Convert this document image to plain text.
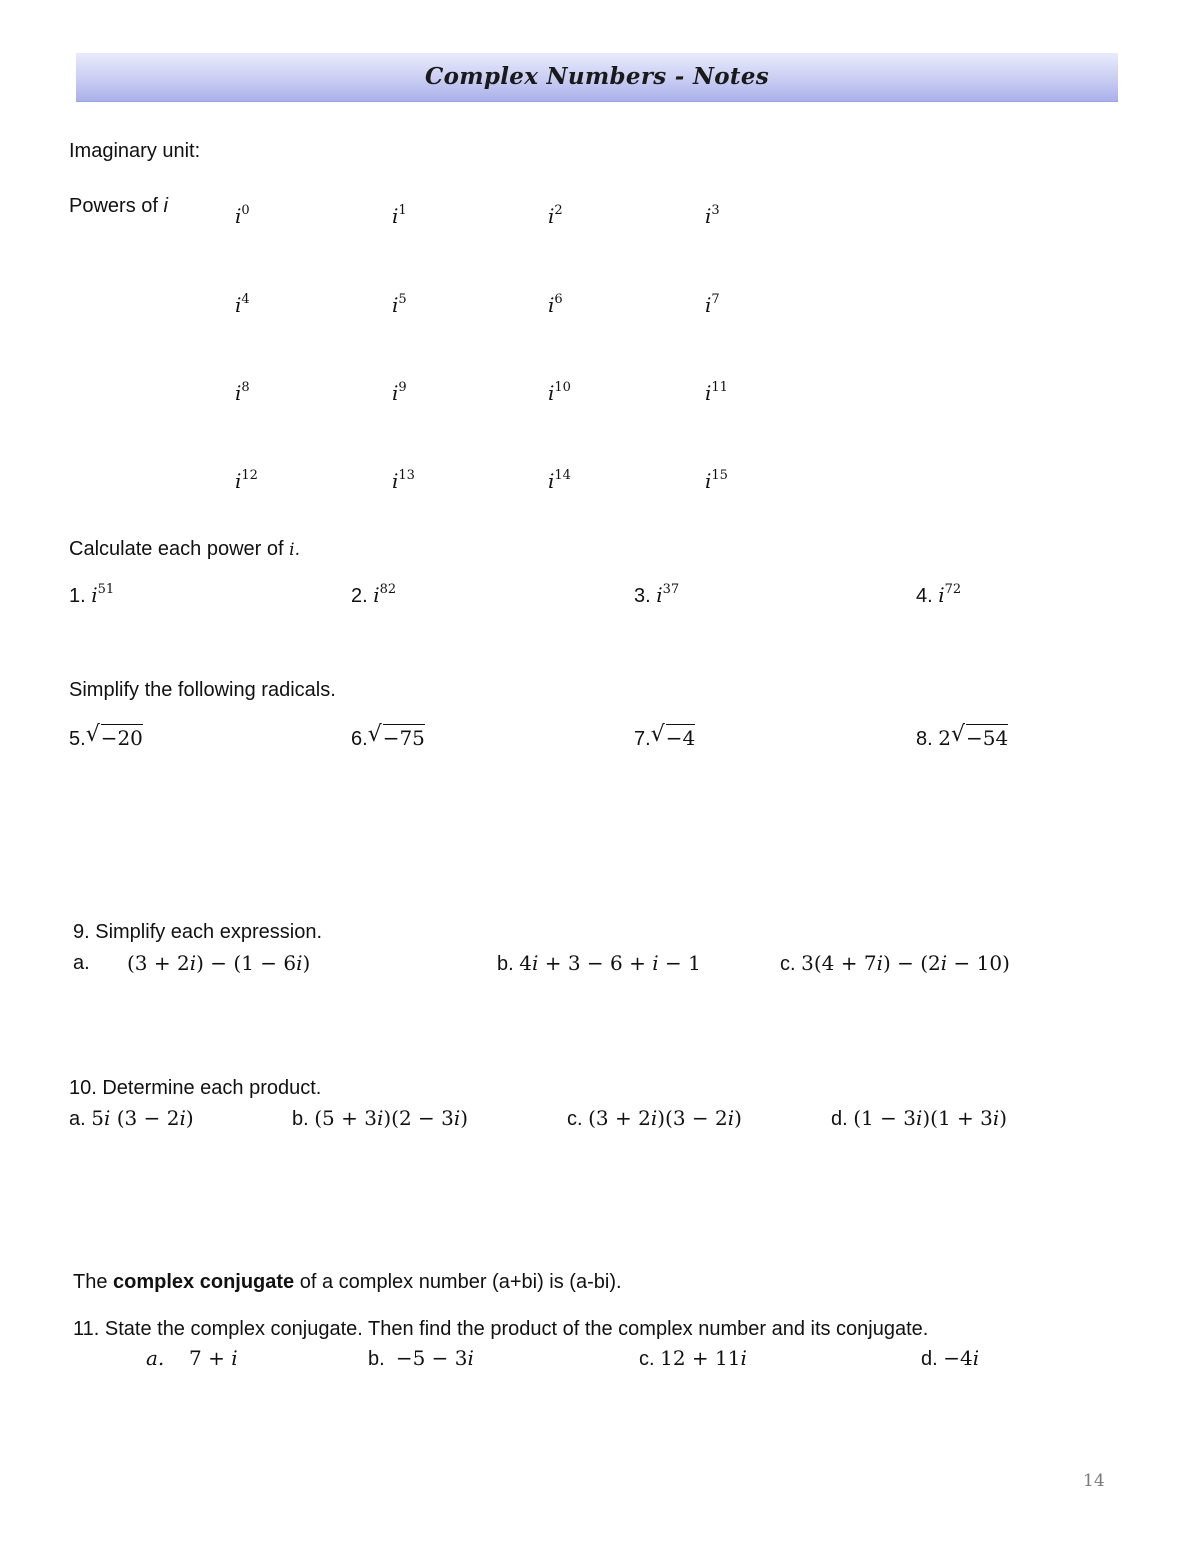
Complex Numbers - Notes
Imaginary unit:
Powers of i	$i^0$	$i^1$	$i^2$	$i^3$
$i^4$	$i^5$	$i^6$	$i^7$
$i^8$	$i^9$	$i^{10}$	$i^{11}$
$i^{12}$	$i^{13}$	$i^{14}$	$i^{15}$
Calculate each power of i.
1. $i^{51}$	2. $i^{82}$	3. $i^{37}$	4. $i^{72}$
Simplify the following radicals.
5. √ −20	6. √ −75	7. √ −4	8. 2 √ −54
9. Simplify each expression.
a. (3 + 2𝑖) − (1 − 6𝑖)	b. 4𝑖 + 3 − 6 + 𝑖 − 1	c. 3(4 + 7𝑖) − (2𝑖 − 10)
10. Determine each product.
a. 5𝑖 (3 − 2𝑖)	b. (5 + 3𝑖)(2 − 3𝑖)	c. (3 + 2𝑖)(3 − 2𝑖)	d. (1 − 3𝑖)(1 + 3𝑖)
The complex conjugate of a complex number (a+bi) is (a-bi).
11. State the complex conjugate. Then find the product of the complex number and its conjugate.
a. 7 + 𝑖	b. −5 − 3𝑖	c. 12 + 11𝑖	d. −4𝑖
14
